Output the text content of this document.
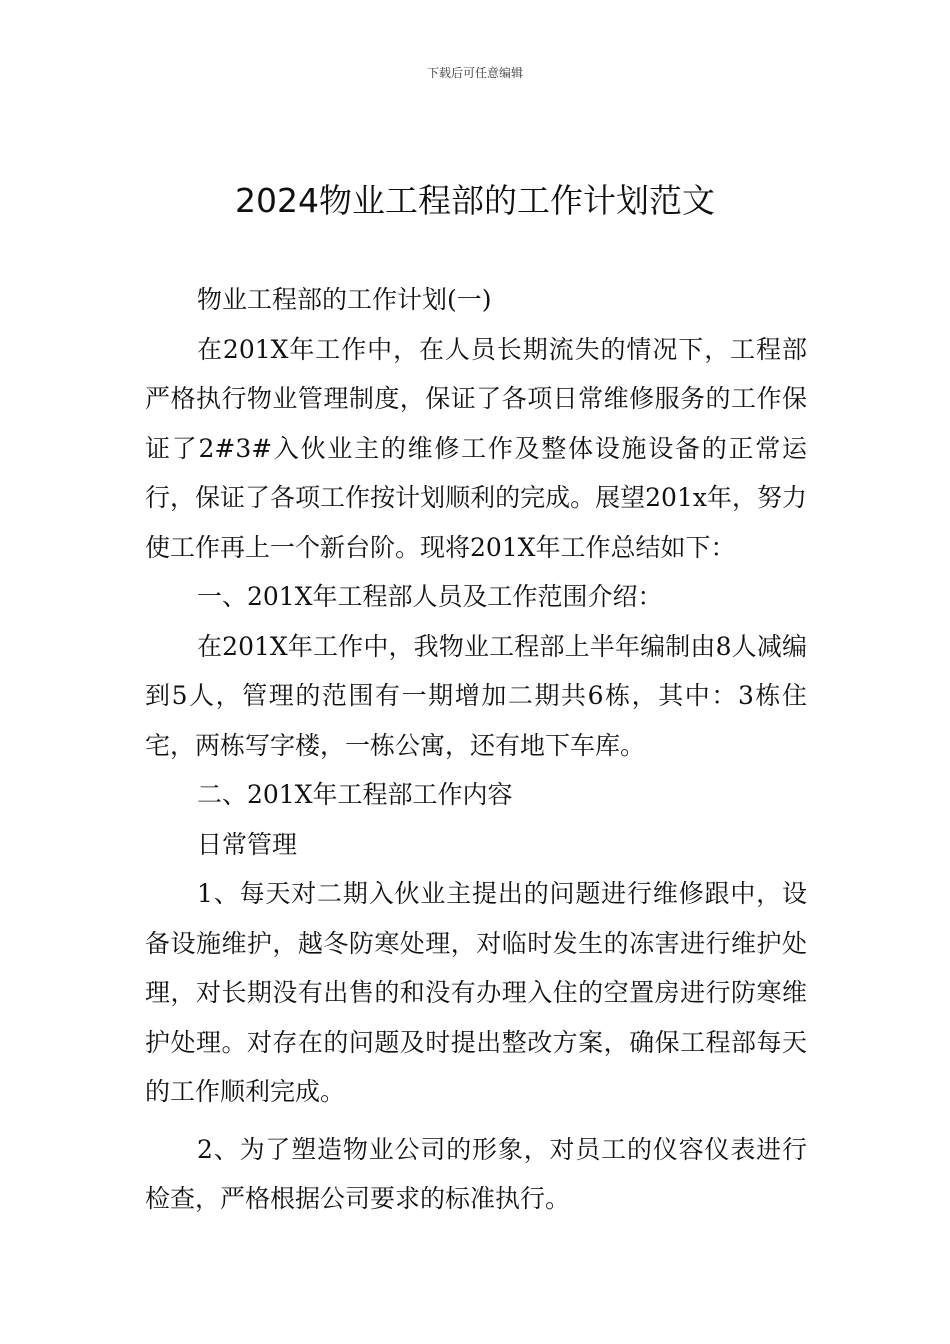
下载后可任意编辑
2024物业工程部的工作计划范文

物业工程部的工作计划(一)

在201X年工作中，在人员长期流失的情况下，工程部严格执行物业管理制度，保证了各项日常维修服务的工作保证了2#3#入伙业主的维修工作及整体设施设备的正常运行，保证了各项工作按计划顺利的完成。展望201x年，努力使工作再上一个新台阶。现将201X年工作总结如下：

一、201X年工程部人员及工作范围介绍：

在201X年工作中，我物业工程部上半年编制由8人减编到5人，管理的范围有一期增加二期共6栋，其中：3栋住宅，两栋写字楼，一栋公寓，还有地下车库。

二、201X年工程部工作内容

日常管理

1、每天对二期入伙业主提出的问题进行维修跟中，设备设施维护，越冬防寒处理，对临时发生的冻害进行维护处理，对长期没有出售的和没有办理入住的空置房进行防寒维护处理。对存在的问题及时提出整改方案，确保工程部每天的工作顺利完成。

2、为了塑造物业公司的形象，对员工的仪容仪表进行检查，严格根据公司要求的标准执行。
